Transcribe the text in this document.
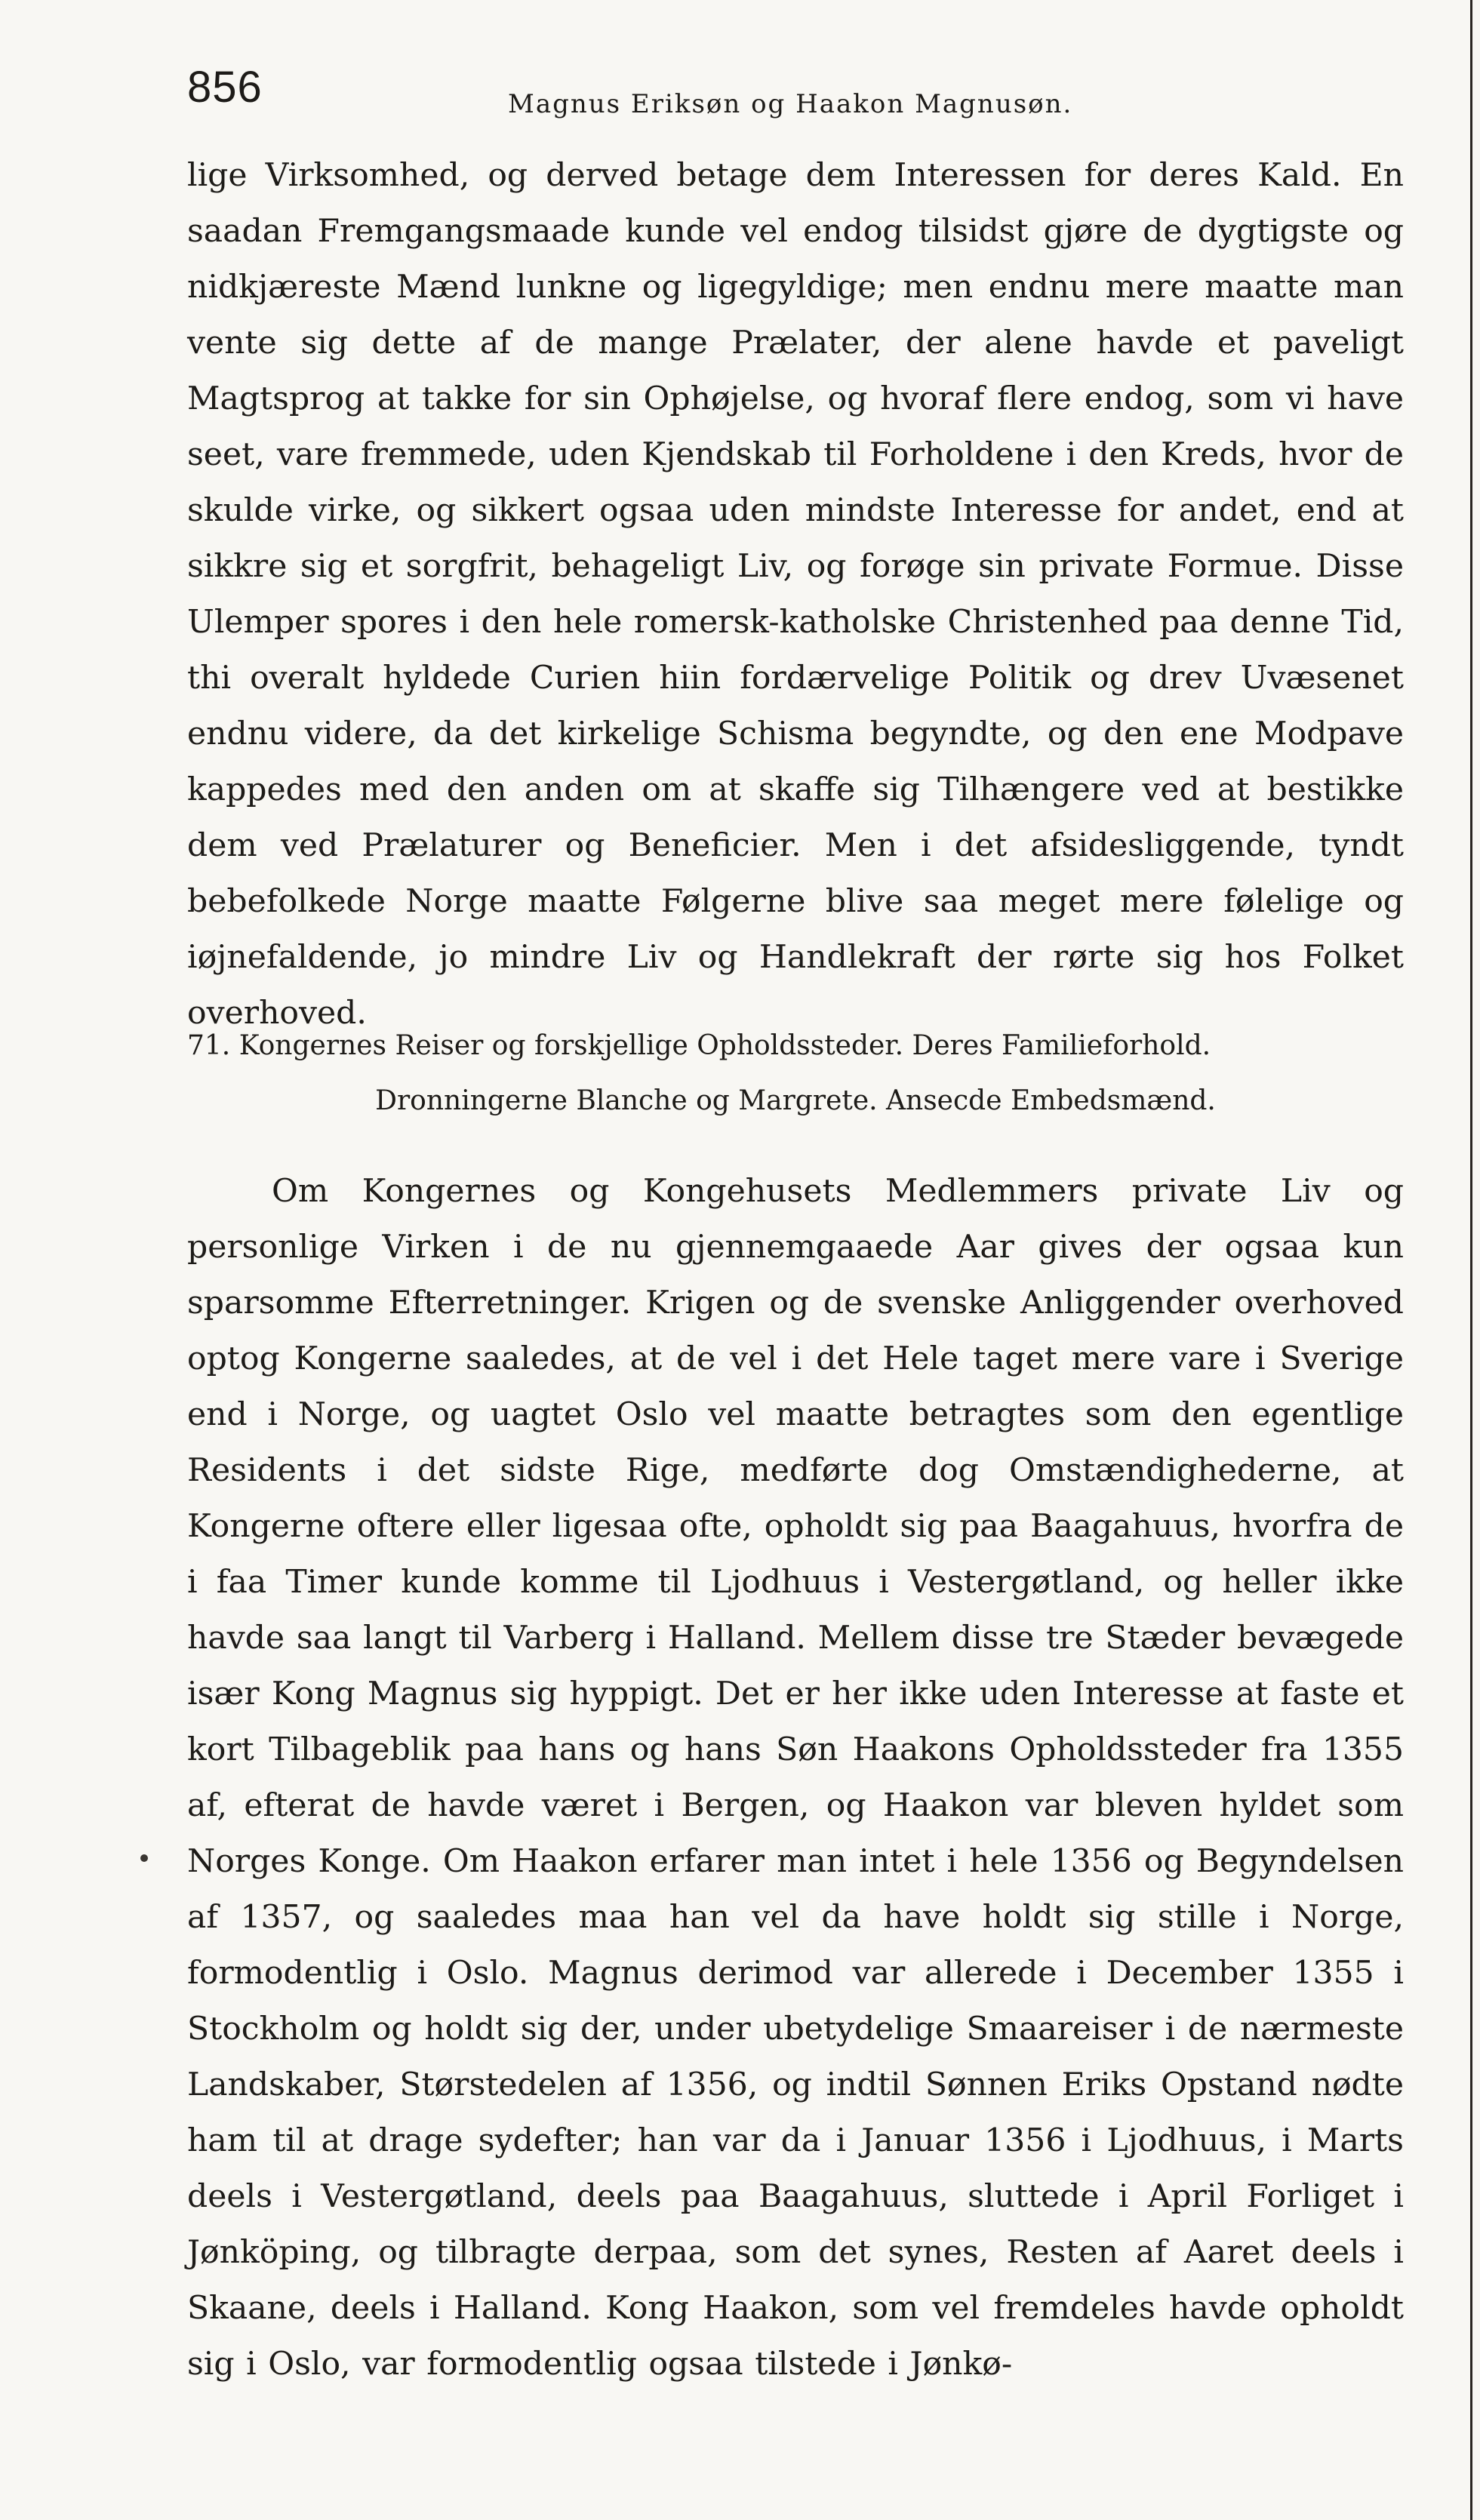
856	Magnus Eriksøn og Haakon Magnusøn.

lige Virksomhed, og derved betage dem Interessen for deres Kald. En saadan Fremgangsmaade kunde vel endog tilsidst gjøre de dygtigste og nidkjæreste Mænd lunkne og ligegyldige; men endnu mere maatte man vente sig dette af de mange Prælater, der alene havde et paveligt Magtsprog at takke for sin Ophøjelse, og hvoraf flere endog, som vi have seet, vare fremmede, uden Kjendskab til Forholdene i den Kreds, hvor de skulde virke, og sikkert ogsaa uden mindste Interesse for andet, end at sikkre sig et sorgfrit, behageligt Liv, og forøge sin private Formue. Disse Ulemper spores i den hele romersk-katholske Christenhed paa denne Tid, thi overalt hyldede Curien hiin fordærvelige Politik og drev Uvæsenet endnu videre, da det kirkelige Schisma begyndte, og den ene Modpave kappedes med den anden om at skaffe sig Tilhængere ved at bestikke dem ved Prælaturer og Beneficier. Men i det afsidesliggende, tyndt bebefolkede Norge maatte Følgerne blive saa meget mere følelige og iøjnefaldende, jo mindre Liv og Handlekraft der rørte sig hos Folket overhoved.

71. Kongernes Reiser og forskjellige Opholdssteder. Deres Familieforhold.

Dronningerne Blanche og Margrete. Ansecde Embedsmænd.

Om Kongernes og Kongehusets Medlemmers private Liv og personlige Virken i de nu gjennemgaaede Aar gives der ogsaa kun sparsomme Efterretninger. Krigen og de svenske Anliggender overhoved optog Kongerne saaledes, at de vel i det Hele taget mere vare i Sverige end i Norge, og uagtet Oslo vel maatte betragtes som den egentlige Residents i det sidste Rige, medførte dog Omstændighederne, at Kongerne oftere eller ligesaa ofte, opholdt sig paa Baagahuus, hvorfra de i faa Timer kunde komme til Ljodhuus i Vestergøtland, og heller ikke havde saa langt til Varberg i Halland. Mellem disse tre Stæder bevægede især Kong Magnus sig hyppigt. Det er her ikke uden Interesse at faste et kort Tilbageblik paa hans og hans Søn Haakons Opholdssteder fra 1355 af, efterat de havde været i Bergen, og Haakon var bleven hyldet som Norges Konge. Om Haakon erfarer man intet i hele 1356 og Begyndelsen af 1357, og saaledes maa han vel da have holdt sig stille i Norge, formodentlig i Oslo. Magnus derimod var allerede i December 1355 i Stockholm og holdt sig der, under ubetydelige Smaareiser i de nærmeste Landskaber, Størstedelen af 1356, og indtil Sønnen Eriks Opstand nødte ham til at drage sydefter; han var da i Januar 1356 i Ljodhuus, i Marts deels i Vestergøtland, deels paa Baagahuus, sluttede i April Forliget i Jønköping, og tilbragte derpaa, som det synes, Resten af Aaret deels i Skaane, deels i Halland. Kong Haakon, som vel fremdeles havde opholdt sig i Oslo, var formodentlig ogsaa tilstede i Jønkø-
